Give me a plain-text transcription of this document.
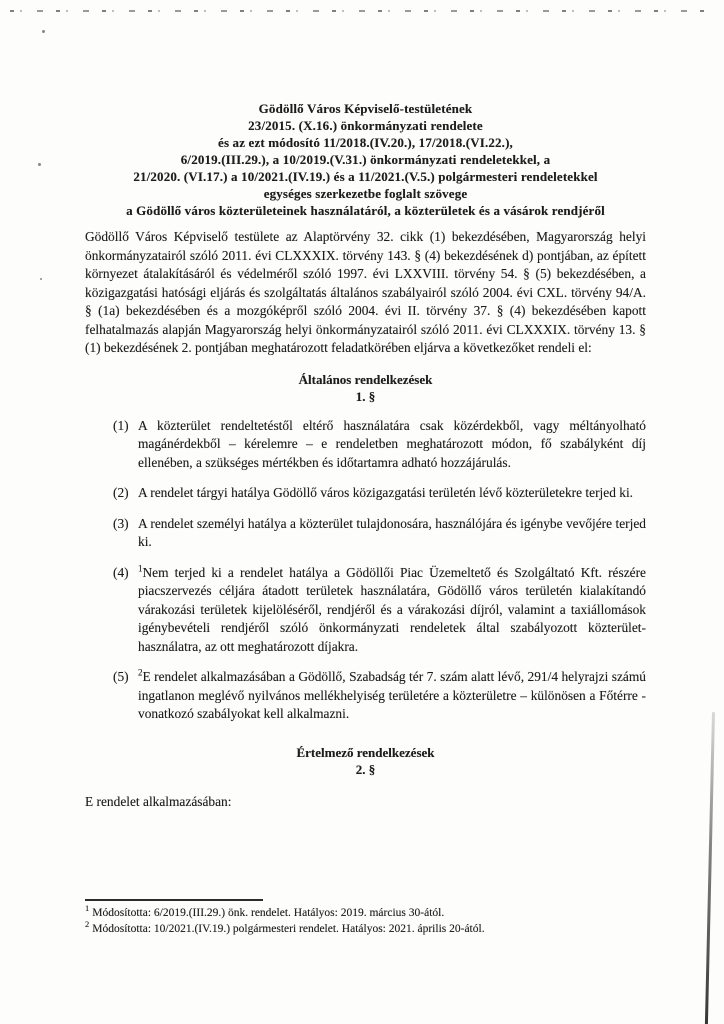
Gödöllő Város Képviselő-testületének
23/2015. (X.16.) önkormányzati rendelete
és az ezt módosító 11/2018.(IV.20.), 17/2018.(VI.22.),
6/2019.(III.29.), a 10/2019.(V.31.) önkormányzati rendeletekkel, a
21/2020. (VI.17.) a 10/2021.(IV.19.) és a 11/2021.(V.5.) polgármesteri rendeletekkel
egységes szerkezetbe foglalt szövege
a Gödöllő város közterületeinek használatáról, a közterületek és a vásárok rendjéről

Gödöllő Város Képviselő testülete az Alaptörvény 32. cikk (1) bekezdésében, Magyarország helyi önkormányzatairól szóló 2011. évi CLXXXIX. törvény 143. § (4) bekezdésének d) pontjában, az épített környezet átalakításáról és védelméről szóló 1997. évi LXXVIII. törvény 54. § (5) bekezdésében, a közigazgatási hatósági eljárás és szolgáltatás általános szabályairól szóló 2004. évi CXL. törvény 94/A. § (1a) bekezdésében és a mozgóképről szóló 2004. évi II. törvény 37. § (4) bekezdésében kapott felhatalmazás alapján Magyarország helyi önkormányzatairól szóló 2011. évi CLXXXIX. törvény 13. § (1) bekezdésének 2. pontjában meghatározott feladatkörében eljárva a következőket rendeli el:

Általános rendelkezések
1. §
(1) A közterület rendeltetéstől eltérő használatára csak közérdekből, vagy méltányolható magánérdekből – kérelemre – e rendeletben meghatározott módon, fő szabályként díj ellenében, a szükséges mértékben és időtartamra adható hozzájárulás.
(2) A rendelet tárgyi hatálya Gödöllő város közigazgatási területén lévő közterületekre terjed ki.
(3) A rendelet személyi hatálya a közterület tulajdonosára, használójára és igénybe vevőjére terjed ki.
(4)	$^1$Nem terjed ki a rendelet hatálya a Gödöllői Piac Üzemeltető és Szolgáltató Kft. részére piacszervezés céljára átadott területek használatára, Gödöllő város területén kialakítandó várakozási területek kijelöléséről, rendjéről és a várakozási díjról, valamint a taxiállomások igénybevételi rendjéről szóló önkormányzati rendeletek által szabályozott közterület-használatra, az ott meghatározott díjakra.
(5)	$^2$E rendelet alkalmazásában a Gödöllő, Szabadság tér 7. szám alatt lévő, 291/4 helyrajzi számú ingatlanon meglévő nyilvános mellékhelyiség területére a közterületre – különösen a Főtérre - vonatkozó szabályokat kell alkalmazni.
Értelmező rendelkezések
2. §

E rendelet alkalmazásában:

$^1$ Módosította: 6/2019.(III.29.) önk. rendelet. Hatályos: 2019. március 30-ától.
$^2$ Módosította: 10/2021.(IV.19.) polgármesteri rendelet. Hatályos: 2021. április 20-ától.
